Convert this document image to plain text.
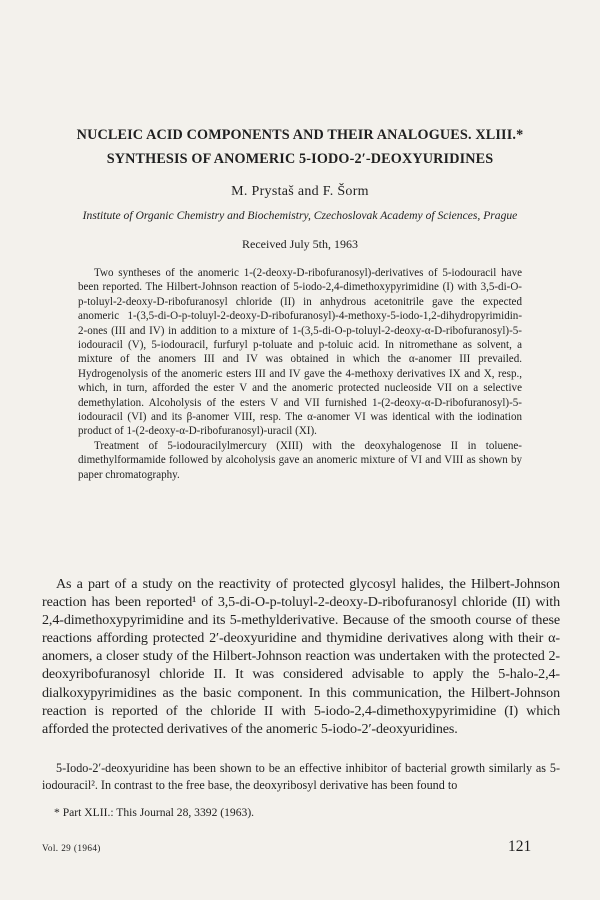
NUCLEIC ACID COMPONENTS AND THEIR ANALOGUES. XLIII.*
SYNTHESIS OF ANOMERIC 5-IODO-2′-DEOXYURIDINES
M. Prystaš and F. Šorm
Institute of Organic Chemistry and Biochemistry, Czechoslovak Academy of Sciences, Prague
Received July 5th, 1963

Two syntheses of the anomeric 1-(2-deoxy-D-ribofuranosyl)-derivatives of 5-iodouracil have been reported. The Hilbert-Johnson reaction of 5-iodo-2,4-dimethoxypyrimidine (I) with 3,5-di-O-p-toluyl-2-deoxy-D-ribofuranosyl chloride (II) in anhydrous acetonitrile gave the expected anomeric 1-(3,5-di-O-p-toluyl-2-deoxy-D-ribofuranosyl)-4-methoxy-5-iodo-1,2-dihydropyrimidin-2-ones (III and IV) in addition to a mixture of 1-(3,5-di-O-p-toluyl-2-deoxy-α-D-ribofuranosyl)-5-iodouracil (V), 5-iodouracil, furfuryl p-toluate and p-toluic acid. In nitromethane as solvent, a mixture of the anomers III and IV was obtained in which the α-anomer III prevailed. Hydrogenolysis of the anomeric esters III and IV gave the 4-methoxy derivatives IX and X, resp., which, in turn, afforded the ester V and the anomeric protected nucleoside VII on a selective demethylation. Alcoholysis of the esters V and VII furnished 1-(2-deoxy-α-D-ribofuranosyl)-5-iodouracil (VI) and its β-anomer VIII, resp. The α-anomer VI was identical with the iodination product of 1-(2-deoxy-α-D-ribofuranosyl)-uracil (XI).

Treatment of 5-iodouracilylmercury (XIII) with the deoxyhalogenose II in toluene-dimethylformamide followed by alcoholysis gave an anomeric mixture of VI and VIII as shown by paper chromatography.

As a part of a study on the reactivity of protected glycosyl halides, the Hilbert-Johnson reaction has been reported¹ of 3,5-di-O-p-toluyl-2-deoxy-D-ribofuranosyl chloride (II) with 2,4-dimethoxypyrimidine and its 5-methylderivative. Because of the smooth course of these reactions affording protected 2′-deoxyuridine and thymidine derivatives along with their α-anomers, a closer study of the Hilbert-Johnson reaction was undertaken with the protected 2-deoxyribofuranosyl chloride II. It was considered advisable to apply the 5-halo-2,4-dialkoxypyrimidines as the basic component. In this communication, the Hilbert-Johnson reaction is reported of the chloride II with 5-iodo-2,4-dimethoxypyrimidine (I) which afforded the protected derivatives of the anomeric 5-iodo-2′-deoxyuridines.

5-Iodo-2′-deoxyuridine has been shown to be an effective inhibitor of bacterial growth similarly as 5-iodouracil². In contrast to the free base, the deoxyribosyl derivative has been found to

* Part XLII.: This Journal 28, 3392 (1963).
Vol. 29 (1964)	121
